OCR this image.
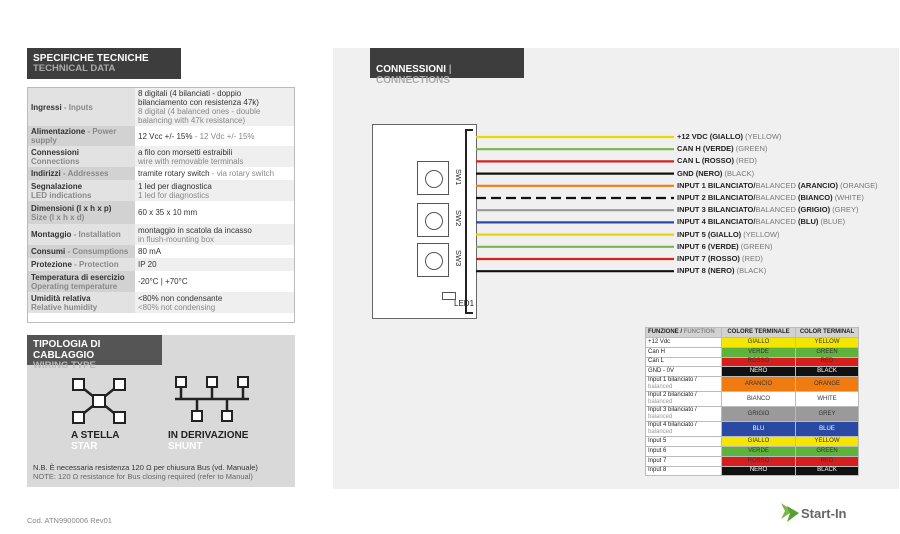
SPECIFICHE TECNICHE
TECHNICAL DATA
Ingressi - Inputs	8 digitali (4 bilanciati - doppio bilanciamento con resistenza 47k)
8 digital (4 balanced ones - double balancing with 47k resistance)

Alimentazione - Power supply	12 Vcc +/- 15% - 12 Vdc +/- 15%
Connessioni
Connections	a filo con morsetti estraibili
wire with removable terminals

Indirizzi - Addresses	tramite rotary switch - via rotary switch
Segnalazione
LED indications	1 led per diagnostica
1 led for diagnostics

Dimensioni (l x h x p)
Size (l x h x d)	60 x 35 x 10 mm
Montaggio - Installation	montaggio in scatola da incasso
in flush-mounting box

Consumi - Consumptions	80 mA
Protezione - Protection	IP 20
Temperatura di esercizio
Operating temperature	-20°C | +70°C
Umidità relativa
Relative humidity	<80% non condensante
<80% not condensing
TIPOLOGIA DI CABLAGGIO
WIRING TYPE
A STELLA
STAR
IN DERIVAZIONE
SHUNT
N.B. È necessaria resistenza 120 Ω per chiusura Bus (vd. Manuale)
NOTE: 120 Ω resistance for Bus closing required (refer to Manual)
Cod. ATN9900006 Rev01
CONNESSIONI | CONNECTIONS
SW1
SW2
SW3
LED1
+12 VDC (GIALLO) (YELLOW)
CAN H (VERDE) (GREEN)
CAN L (ROSSO) (RED)
GND (NERO) (BLACK)
INPUT 1 BILANCIATO/BALANCED (ARANCIO) (ORANGE)
INPUT 2 BILANCIATO/BALANCED (BIANCO) (WHITE)
INPUT 3 BILANCIATO/BALANCED (GRIGIO) (GREY)
INPUT 4 BILANCIATO/BALANCED (BLU) (BLUE)
INPUT 5 (GIALLO) (YELLOW)
INPUT 6 (VERDE) (GREEN)
INPUT 7 (ROSSO) (RED)
INPUT 8 (NERO) (BLACK)
FUNZIONE / FUNCTION	COLORE TERMINALE	COLOR TERMINAL
+12 Vdc	GIALLO	YELLOW
Can H	VERDE	GREEN
Can L	ROSSO	RED
GND - 0V	NERO	BLACK
Input 1 bilanciato / balanced	ARANCIO	ORANGE
Input 2 bilanciato / balanced	BIANCO	WHITE
Input 3 bilanciato / balanced	GRIGIO	GREY
Input 4 bilanciato / balanced	BLU	BLUE
Input 5	GIALLO	YELLOW
Input 6	VERDE	GREEN
Input 7	ROSSO	RED
Input 8	NERO	BLACK
Start-In
